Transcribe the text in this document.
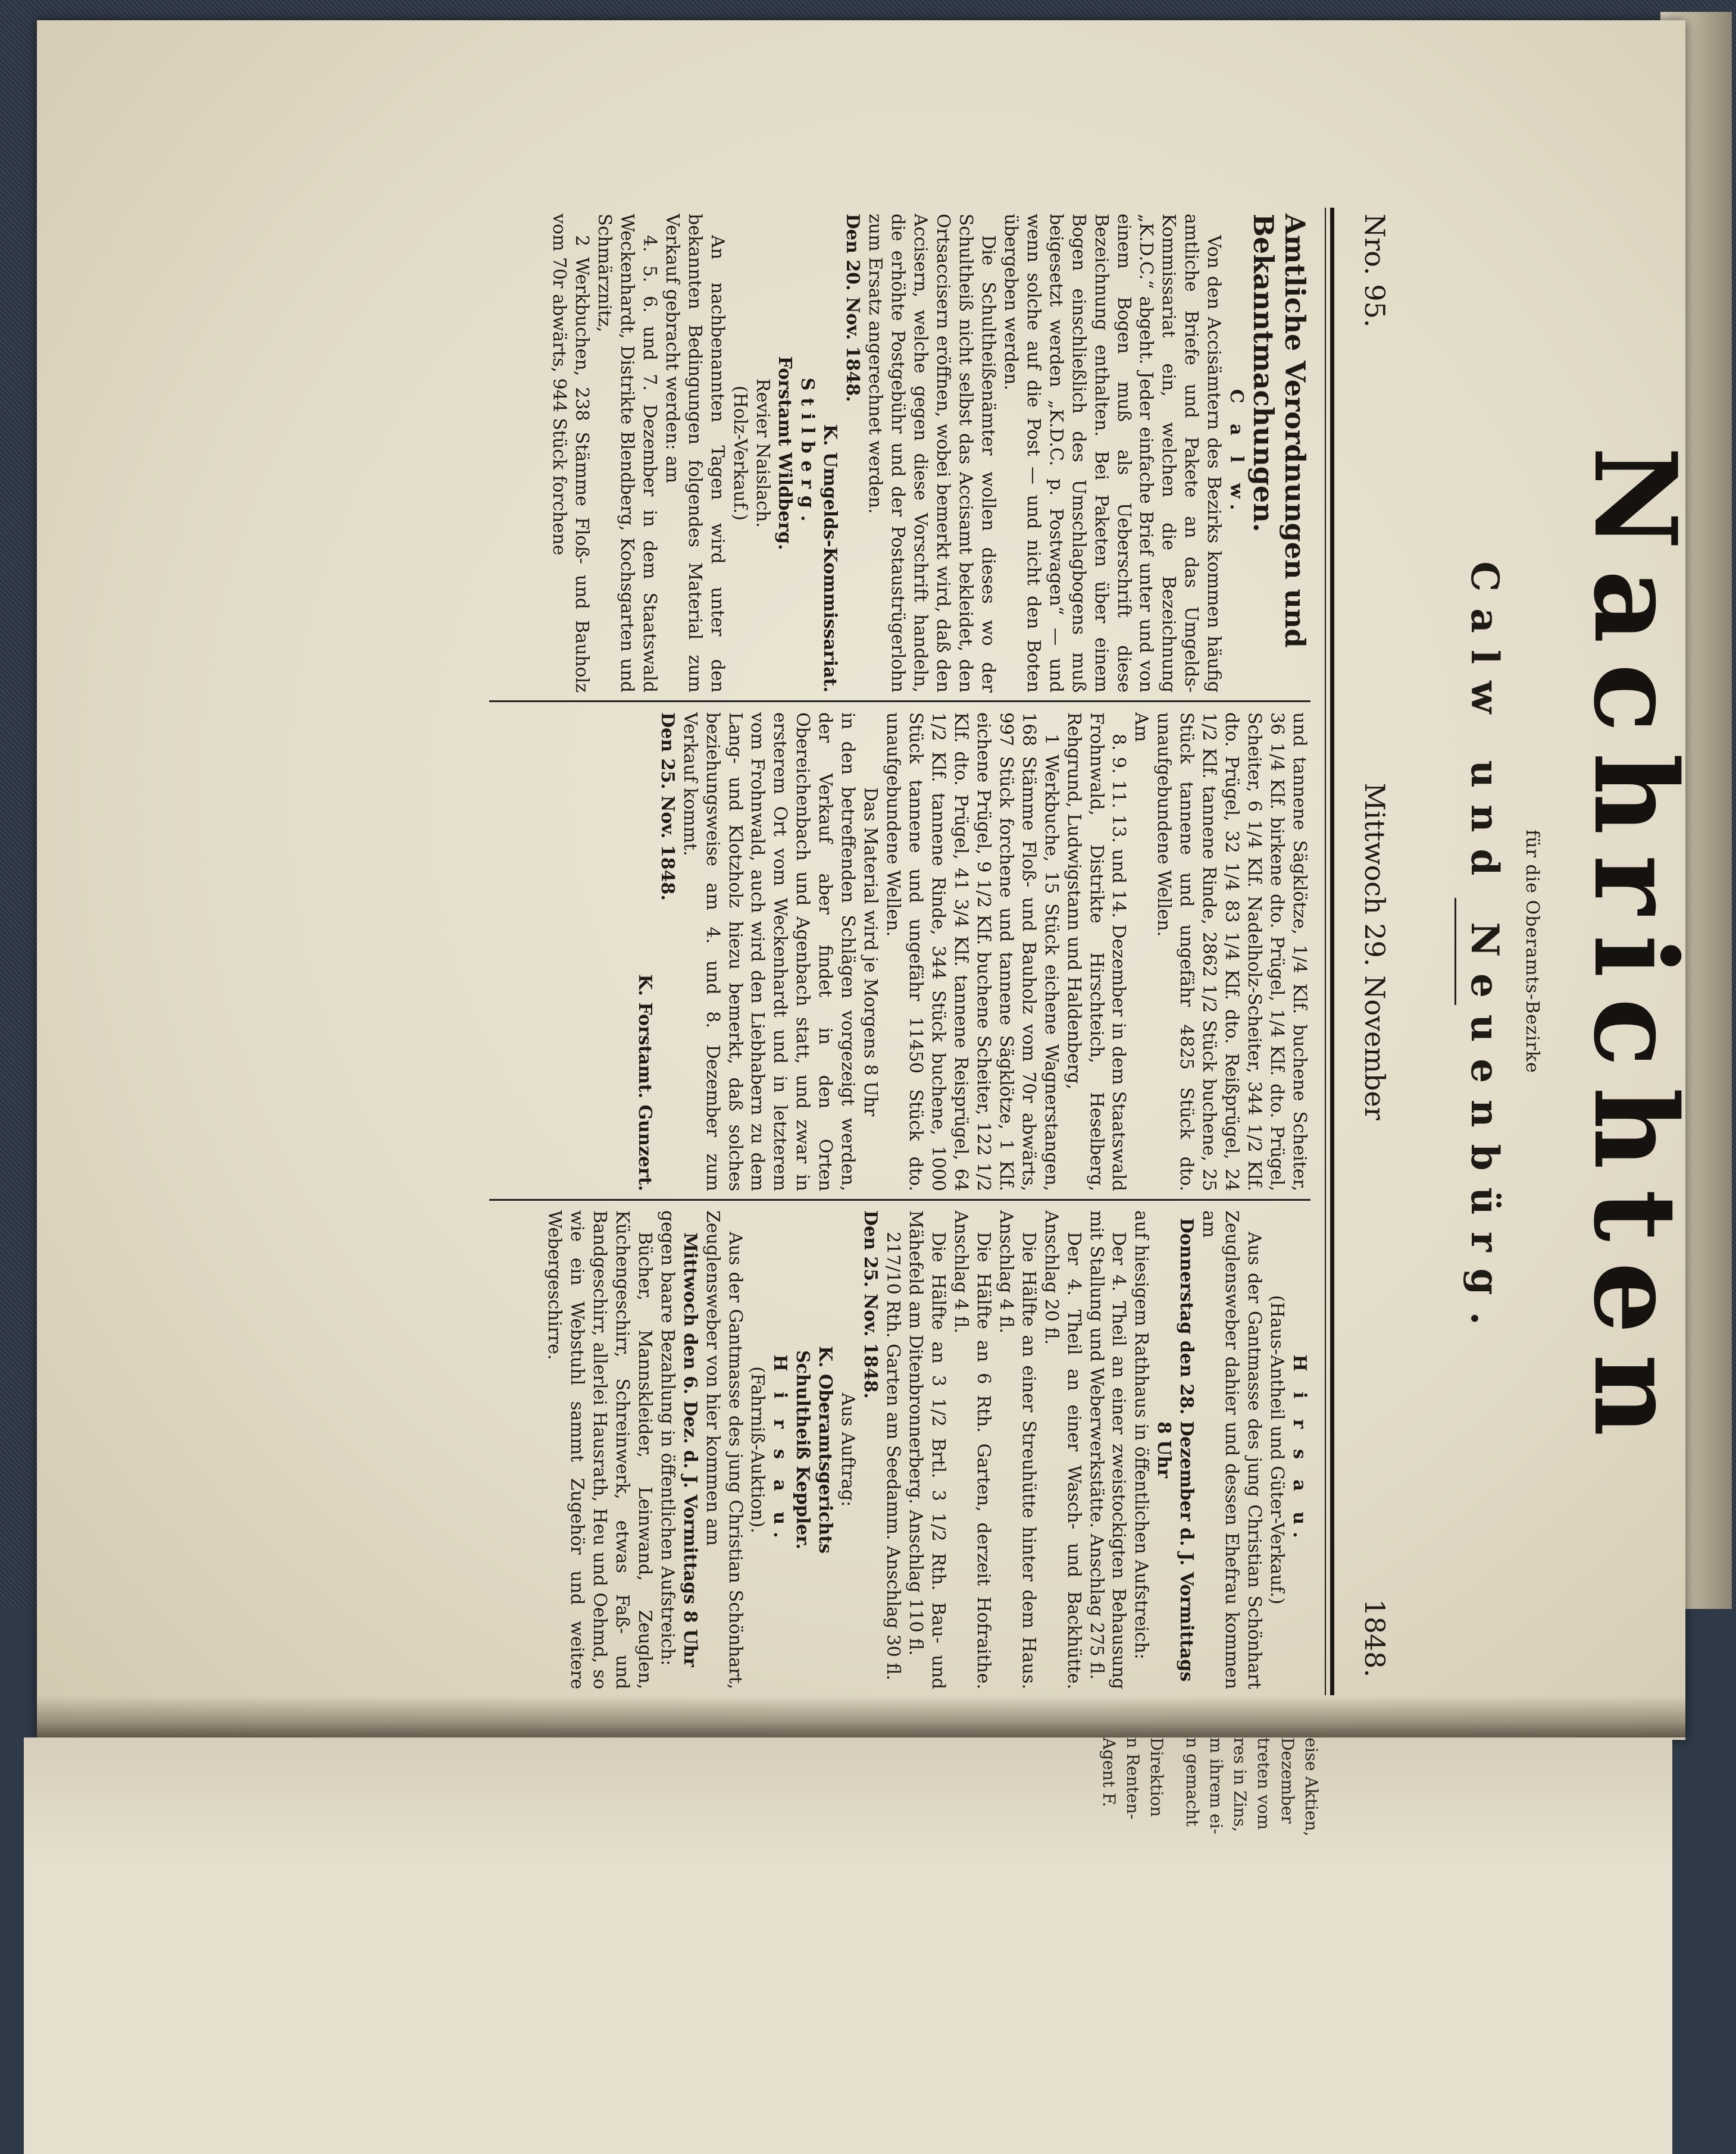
Nachrichten
für die Oberamts-Bezirke
Calw und Neuenbürg.
Nro. 95.
Mittwoch 29. November
1848.

Amtliche Verordnungen und Bekanntmachungen.

C a l w.

Von den Accisämtern des Bezirks kommen häufig amtliche Briefe und Pakete an das Umgelds-Kommissariat ein, welchen die Bezeichnung „K.D.C.“ abgeht. Jeder einfache Brief unter und von einem Bogen muß als Ueberschrift diese Bezeichnung enthalten. Bei Paketen über einem Bogen einschließlich des Umschlagbogens muß beigesetzt werden „K.D.C. p. Postwagen“ — und wenn solche auf die Post — und nicht den Boten übergeben werden.

Die Schultheißenämter wollen dieses wo der Schultheiß nicht selbst das Accisamt bekleidet, den Ortsaccisern eröffnen, wobei bemerkt wird, daß den Accisern, welche gegen diese Vorschrift handeln, die erhöhte Postgebühr und der Postaustrügerlohn zum Ersatz angerechnet werden.

Den 20. Nov. 1848.

K. Umgelds-Kommissariat.

Stilberg.

Forstamt Wildberg.

Revier Naislach.

(Holz-Verkauf.)

An nachbenannten Tagen wird unter den bekannten Bedingungen folgendes Material zum Verkauf gebracht werden: am

4. 5. 6. und 7. Dezember in dem Staatswald Weckenhardt, Distrikte Blendberg, Kochsgarten und Schmärznitz,

2 Werkbuchen, 238 Stämme Floß- und Bauholz vom 70r abwärts, 944 Stück forchene

und tannene Sägklötze, 1/4 Klf. buchene Scheiter, 36 1/4 Klf. birkene dto. Prügel, 1/4 Klf. dto. Prügel, Scheiter, 6 1/4 Klf. Nadelholz-Scheiter, 344 1/2 Klf. dto. Prügel, 32 1/4 83 1/4 Klf. dto. Reißprügel, 24 1/2 Klf. tannene Rinde, 2862 1/2 Stück buchene, 25 Stück tannene und ungefähr 4825 Stück dto. unaufgebundene Wellen.

Am

8. 9. 11. 13. und 14. Dezember in dem Staatswald Frohnwald, Distrikte Hirschteich, Heselberg, Rehgrund, Ludwigstann und Haldenberg,

1 Werkbuche, 15 Stück eichene Wagnerstangen, 168 Stämme Floß- und Bauholz vom 70r abwärts, 997 Stück forchene und tannene Sägklötze, 1 Klf. eichene Prügel, 9 1/2 Klf. buchene Scheiter, 122 1/2 Klf. dto. Prügel, 41 3/4 Klf. tannene Reisprügel, 64 1/2 Klf. tannene Rinde, 344 Stück buchene, 1000 Stück tannene und ungefähr 11450 Stück dto. unaufgebundene Wellen.

Das Material wird je Morgens 8 Uhr

in den betreffenden Schlägen vorgezeigt werden, der Verkauf aber findet in den Orten Obereichenbach und Agenbach statt, und zwar in ersterem Ort vom Weckenhardt und in letzterem vom Frohnwald, auch wird den Liebhabern zu dem Lang- und Klotzholz hiezu bemerkt, daß solches beziehungsweise am 4. und 8. Dezember zum Verkauf kommt.

Den 25. Nov. 1848.

K. Forstamt. Gunzert.

H i r s a u.

(Haus-Antheil und Güter-Verkauf.)

Aus der Gantmasse des jung Christian Schönhart Zeuglensweber dahier und dessen Ehefrau kommen am

Donnerstag den 28. Dezember d. J. Vormittags 8 Uhr

auf hiesigem Rathhaus in öffentlichen Aufstreich:

Der 4. Theil an einer zweistockigten Behausung mit Stallung und Weberwerkstätte. Anschlag 275 fl.

Der 4. Theil an einer Wasch- und Backhütte. Anschlag 20 fl.

Die Hälfte an einer Streuhütte hinter dem Haus. Anschlag 4 fl.

Die Hälfte an 6 Rth. Garten, derzeit Hofraithe. Anschlag 4 fl.

Die Hälfte an 3 1/2 Brtl. 3 1/2 Rth. Bau- und Mähefeld am Ditenbronnerberg. Anschlag 110 fl.

217/10 Rth. Garten am Seedamm. Anschlag 30 fl.

Den 25. Nov. 1848.

Aus Auftrag:

K. Oberamtsgerichts

Schultheiß Keppler.

H i r s a u.

(Fahrniß-Auktion).

Aus der Gantmasse des jung Christian Schönhart, Zeuglensweber von hier kommen am

Mittwoch den 6. Dez. d. J. Vormittags 8 Uhr

gegen baare Bezahlung in öffentlichen Aufstreich:

Bücher, Mannskleider, Leinwand, Zeuglen, Küchengeschirr, Schreinwerk, etwas Faß- und Bandgeschirr, allerlei Hausrath, Heu und Oehmd, so wie ein Webstuhl sammt Zugehör und weitere Webergeschirre.

eise Aktien,
Dezember
treten vom
res in Zins,
m ihrem ei-
n gemacht
Direktion
n Renten-
Agent F.
